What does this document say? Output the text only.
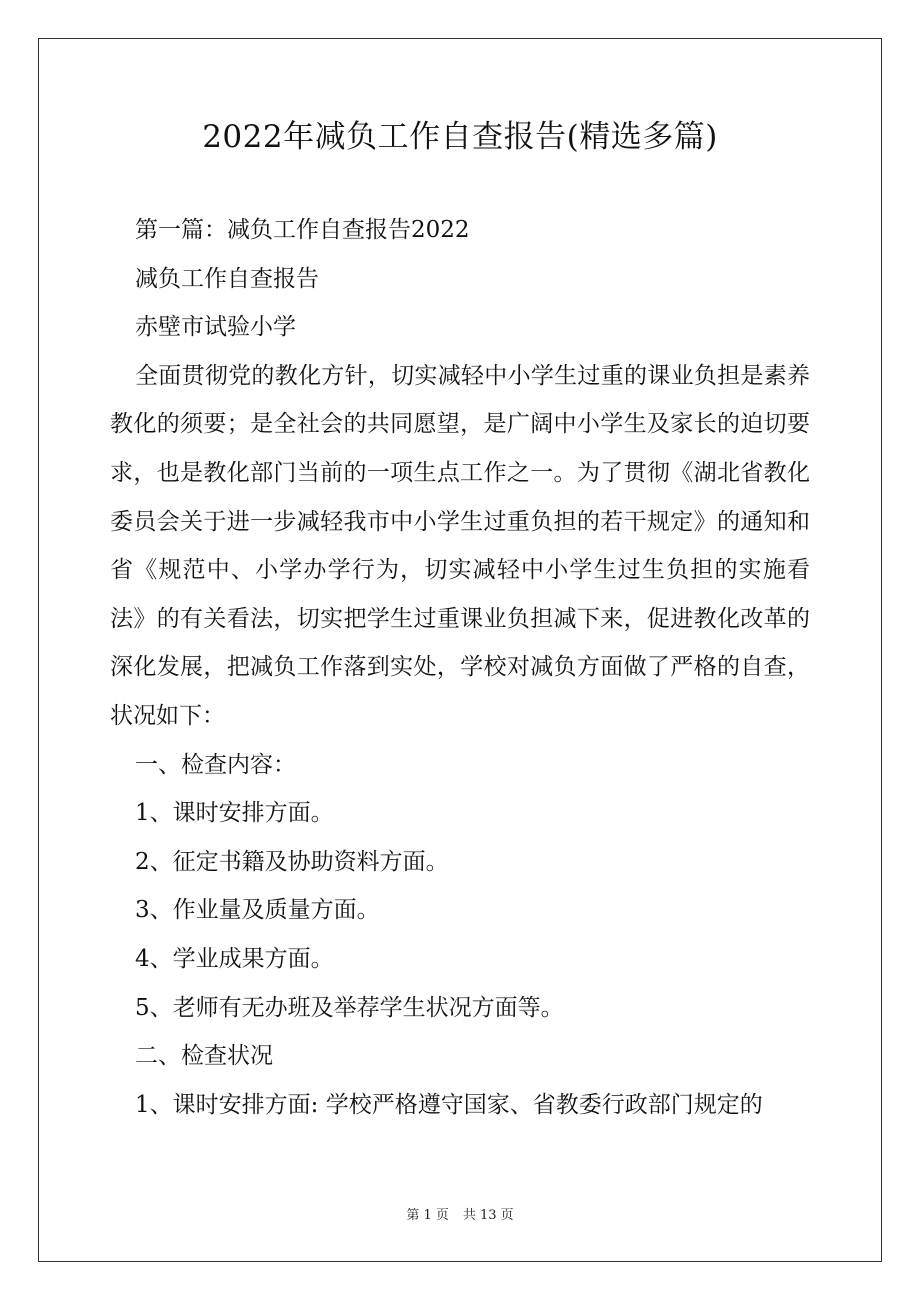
2022年减负工作自查报告(精选多篇)

第一篇：减负工作自查报告2022

减负工作自查报告

赤壁市试验小学

全面贯彻党的教化方针，切实减轻中小学生过重的课业负担是素养教化的须要；是全社会的共同愿望，是广阔中小学生及家长的迫切要求，也是教化部门当前的一项生点工作之一。为了贯彻《湖北省教化委员会关于进一步减轻我市中小学生过重负担的若干规定》的通知和省《规范中、小学办学行为，切实减轻中小学生过生负担的实施看法》的有关看法，切实把学生过重课业负担减下来，促进教化改革的深化发展，把减负工作落到实处，学校对减负方面做了严格的自查，状况如下：

一、检查内容：

1、课时安排方面。

2、征定书籍及协助资料方面。

3、作业量及质量方面。

4、学业成果方面。

5、老师有无办班及举荐学生状况方面等。

二、检查状况

1、课时安排方面: 学校严格遵守国家、省教委行政部门规定的

第 1 页 共 13 页
